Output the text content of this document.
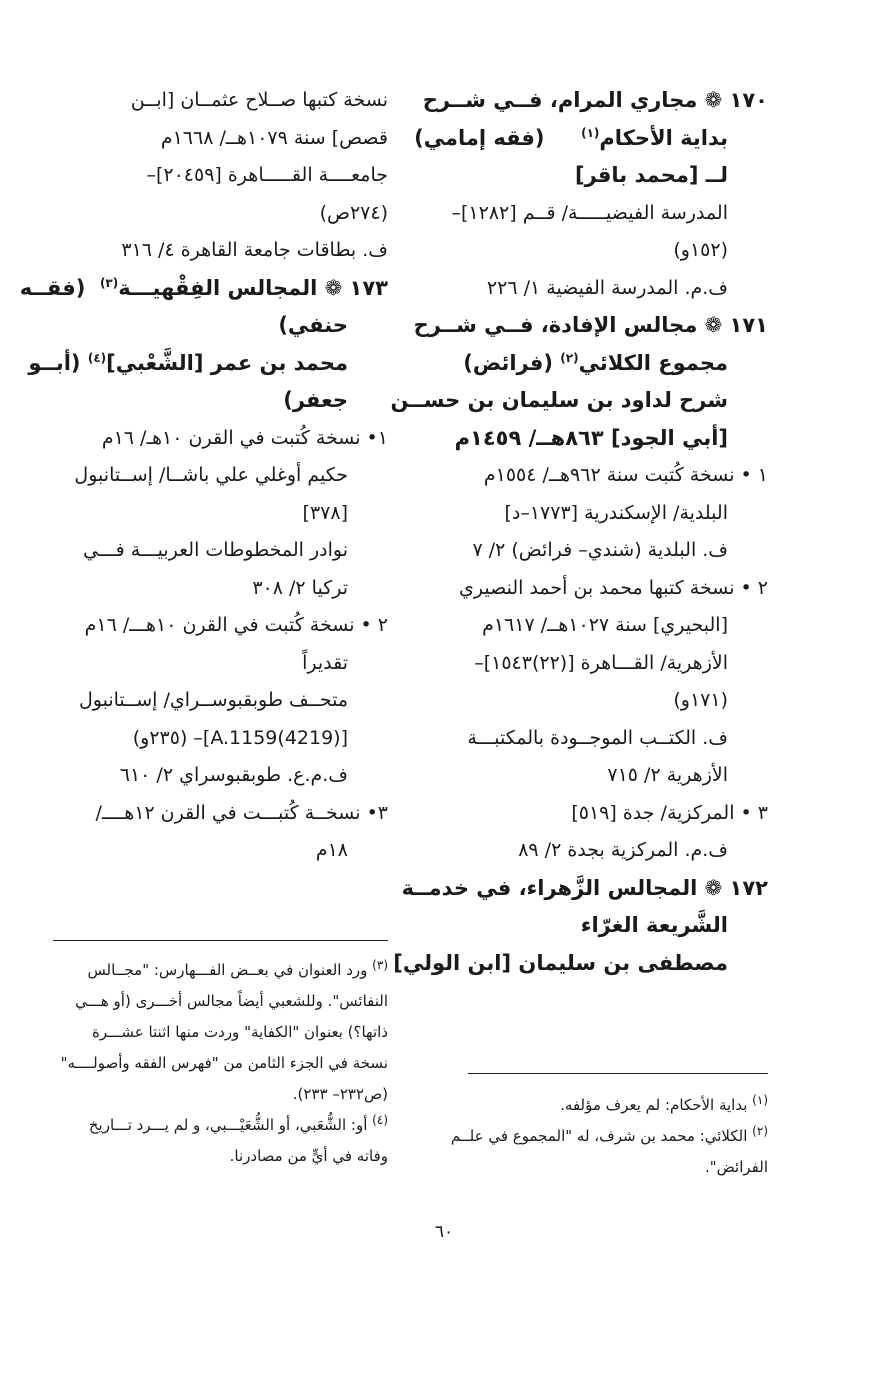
١٧٠ ❁ مجاري المرام، فــي شــرح
بداية الأحكام$^{(١)}$     (فقه إمامي)
لــ [محمد باقر]
المدرسة الفيضيـــــة/ قــم [١٢٨٢]–
(١٥٢و)
ف.م. المدرسة الفيضية ١/ ٢٢٦
١٧١ ❁ مجالس الإفادة، فــي شــرح
مجموع الكلائي$^{(٢)}$ (فرائض)
شرح لداود بن سليمان بن حســن
[أبي الجود] ٨٦٣هــ/ ١٤٥٩م
١ • نسخة كُتبت سنة ٩٦٢هــ/ ١٥٥٤م
البلدية/ الإسكندرية [١٧٧٣–د]
ف. البلدية (شندي– فرائض) ٢/ ٧
٢ • نسخة كتبها محمد بن أحمد النصيري
[البحيري] سنة ١٠٢٧هــ/ ١٦١٧م
الأزهرية/ القـــاهرة [(٢٢)١٥٤٣]–
(١٧١و)
ف. الكتــب الموجــودة بالمكتبـــة
الأزهرية ٢/ ٧١٥
٣ • المركزية/ جدة [٥١٩]
ف.م. المركزية بجدة ٢/ ٨٩
١٧٢ ❁ المجالس الزَّهراء، في خدمــة
الشَّريعة الغرّاء
مصطفى بن سليمان [ابن الولي]
نسخة كتبها صــلاح عثمــان [ابــن
قصص] سنة ١٠٧٩هــ/ ١٦٦٨م
جامعــــة القـــــاهرة [٢٠٤٥٩]–
(٢٧٤ص)
ف. بطاقات جامعة القاهرة ٤/ ٣١٦
١٧٣ ❁ المجالس الفِقْهيـــة$^{(٣)}$  (فقــه
حنفي)
محمد بن عمر [الشَّعْبي]$^{(٤)}$ (أبــو
جعفر)
١• نسخة كُتبت في القرن ١٠هـ/ ١٦م
حكيم أوغلي علي باشــا/ إســتانبول
[٣٧٨]
نوادر المخطوطات العربيـــة فـــي
تركيا ٢/ ٣٠٨
٢ • نسخة كُتبت في القرن ١٠هـــ/ ١٦م
تقديراً
متحــف طوبقبوســراي/ إســتانبول
[(4219)A.1159]– (٢٣٥و)
ف.م.ع. طوبقبوسراي ٢/ ٦١٠
٣• نسخــة كُتبـــت في القرن ١٢هــــ/
١٨م
$^{(١)}$ بداية الأحكام: لم يعرف مؤلفه.
$^{(٢)}$ الكلائي: محمد بن شرف، له "المجموع في علــم
الفرائض".
$^{(٣)}$ ورد العنوان في بعــض الفـــهارس: "مجــالس
النفائس". وللشعبي أيضاً مجالس أخـــرى (أو هـــي
ذاتها؟) بعنوان "الكفاية" وردت منها اثنتا عشـــرة
نسخة في الجزء الثامن من "فهرس الفقه وأصولــــه"
(ص٢٣٢– ٢٣٣).
$^{(٤)}$ أو: الشُّعَبي، أو الشُّعَيْـــبي، و لم يـــرد تـــاريخ
وفاته في أيٍّ من مصادرنا.
٦٠
